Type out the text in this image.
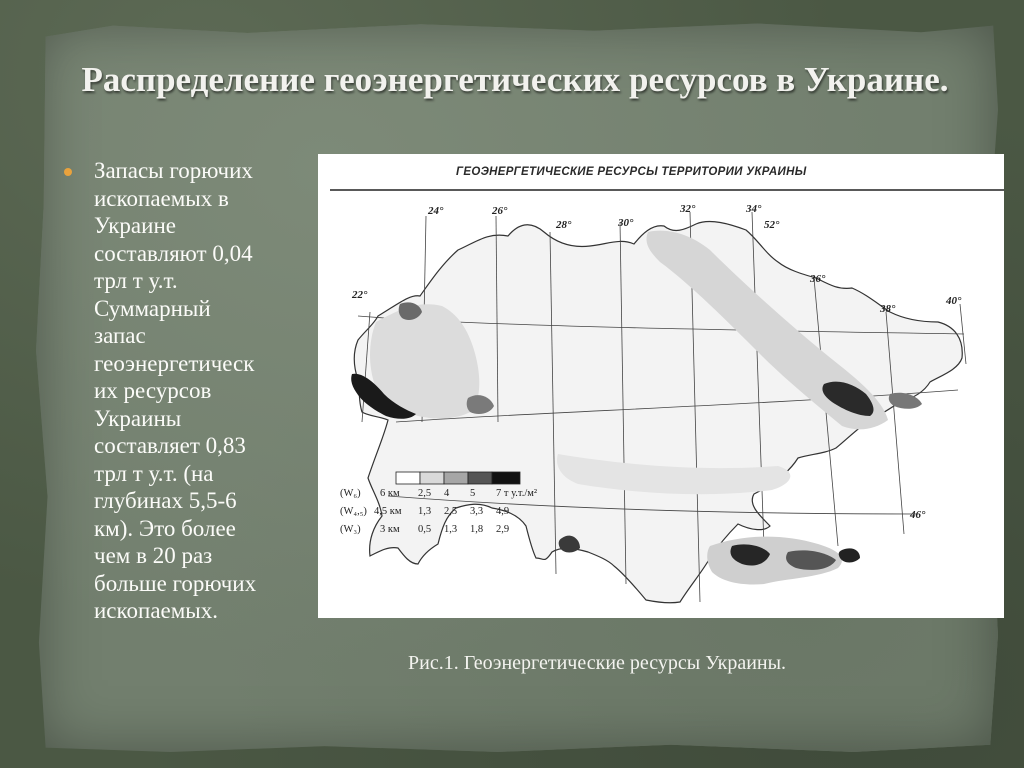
Распределение геоэнергетических ресурсов в Украине.
Запасы горючих
ископаемых в
Украине
составляют 0,04
трл т у.т.
Суммарный
запас
геоэнергетическ
их ресурсов
Украины
составляет 0,83
трл т у.т. (на
глубинах 5,5-6
км). Это более
чем в 20 раз
больше горючих
ископаемых.
ГЕОЭНЕРГЕТИЧЕСКИЕ РЕСУРСЫ ТЕРРИТОРИИ УКРАИНЫ
22°
24°	26°
28°	30°
32°	34°
36°
38°
40°
52°
46°
(W₆) 6 км 2,5 4 5 7 т у.т./м²
(W₄,₅) 4,5 км 1,3 2,5 3,3 4,9
(W₃) 3 км 0,5 1,3 1,8 2,9
Рис.1. Геоэнергетические ресурсы Украины.
